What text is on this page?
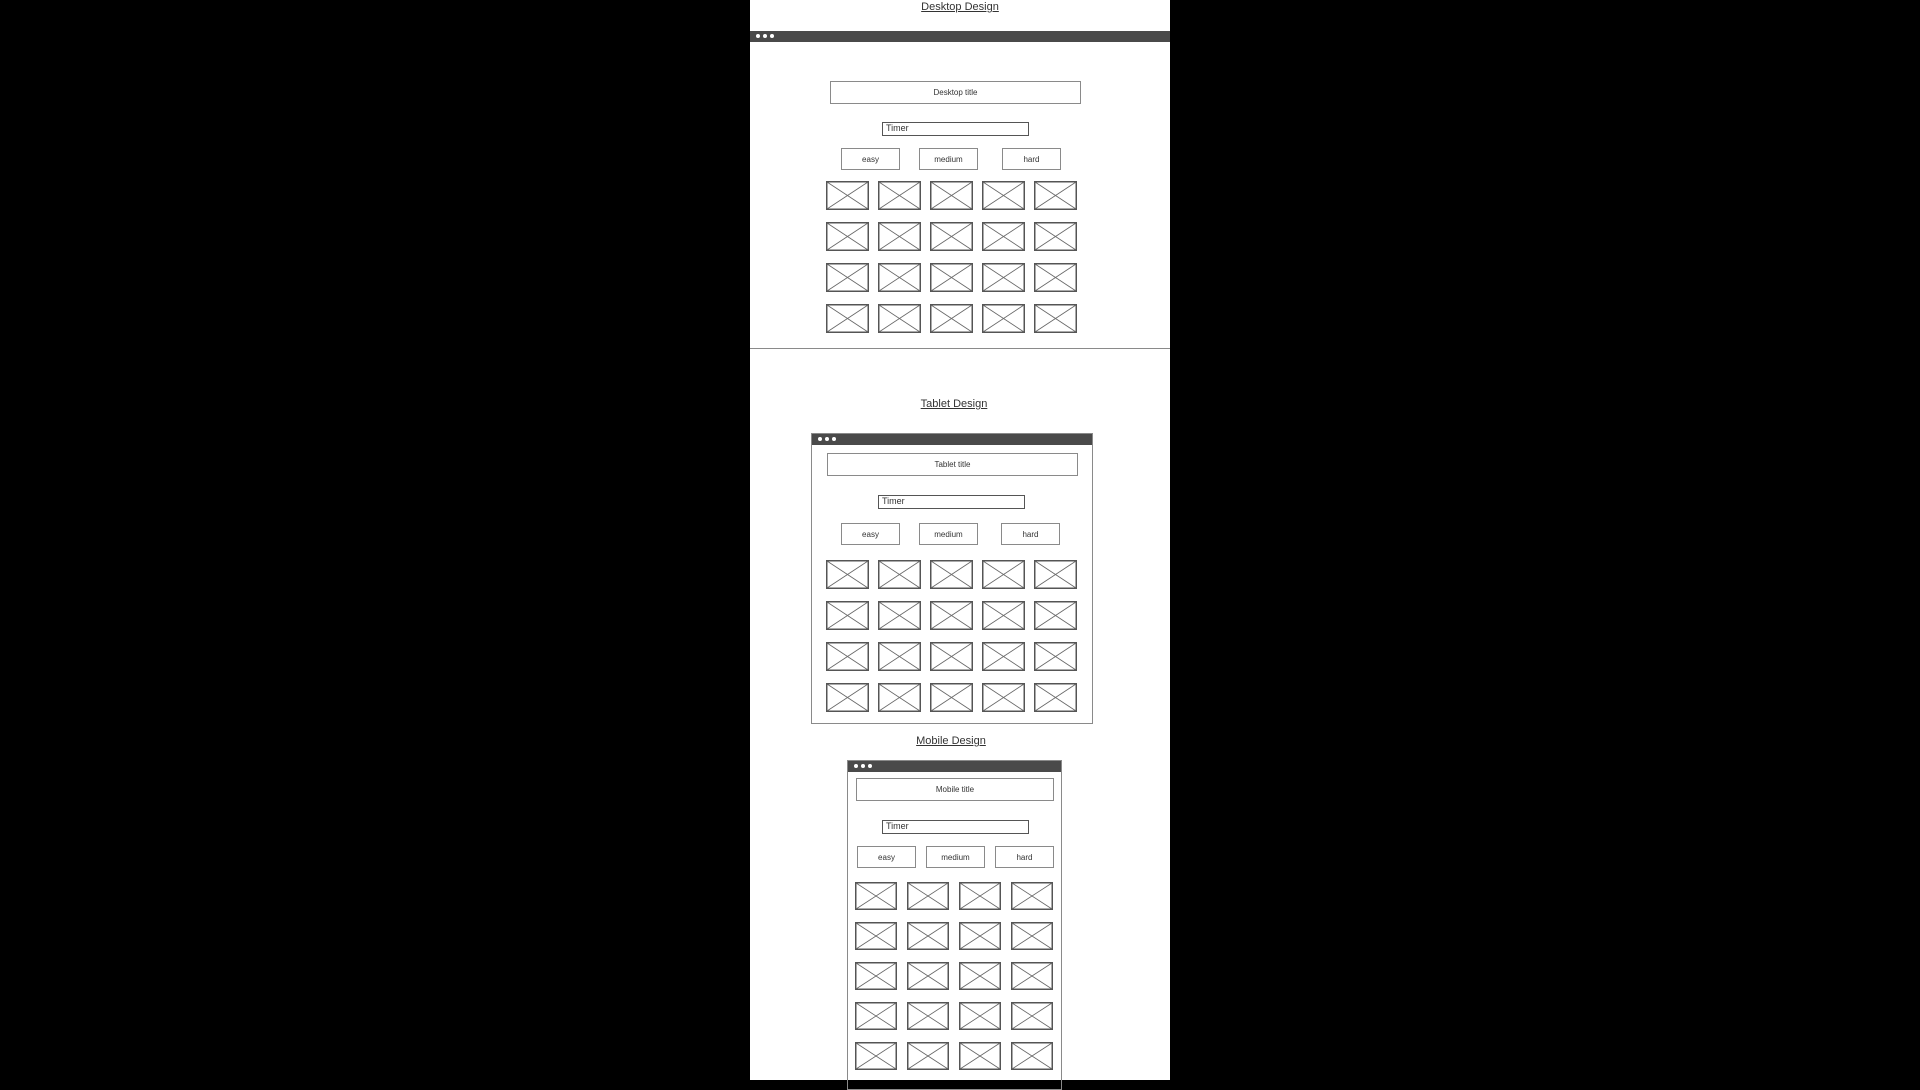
Desktop Design
Desktop title
Timer
easy	medium	hard
Tablet Design
Tablet title
Timer
easy	medium	hard
Mobile Design
Mobile title
Timer
easy	medium	hard
